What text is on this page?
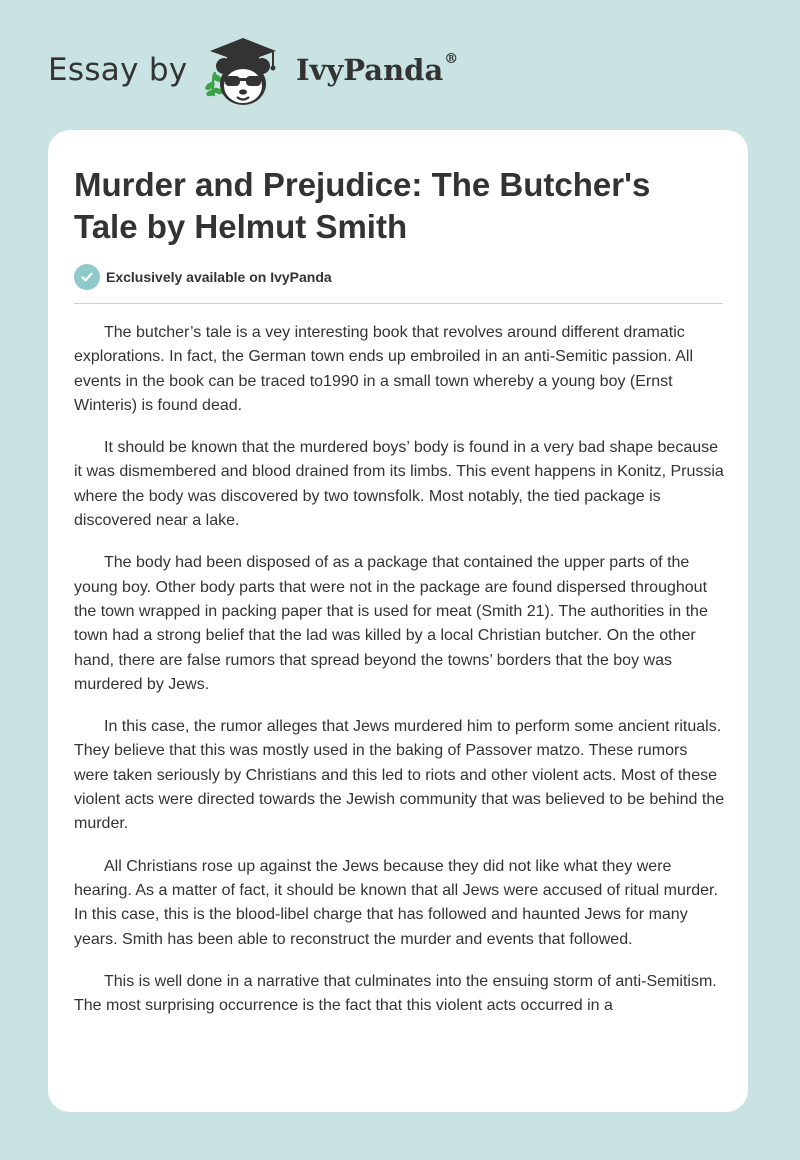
Essay by	IvyPanda®
Murder and Prejudice: The Butcher's Tale by Helmut Smith
Exclusively available on IvyPanda

The butcher’s tale is a vey interesting book that revolves around different dramatic explorations. In fact, the German town ends up embroiled in an anti-Semitic passion. All events in the book can be traced to1990 in a small town whereby a young boy (Ernst Winteris) is found dead.

It should be known that the murdered boys’ body is found in a very bad shape because it was dismembered and blood drained from its limbs. This event happens in Konitz, Prussia where the body was discovered by two townsfolk. Most notably, the tied package is discovered near a lake.

The body had been disposed of as a package that contained the upper parts of the young boy. Other body parts that were not in the package are found dispersed throughout the town wrapped in packing paper that is used for meat (Smith 21). The authorities in the town had a strong belief that the lad was killed by a local Christian butcher. On the other hand, there are false rumors that spread beyond the towns’ borders that the boy was murdered by Jews.

In this case, the rumor alleges that Jews murdered him to perform some ancient rituals. They believe that this was mostly used in the baking of Passover matzo. These rumors were taken seriously by Christians and this led to riots and other violent acts. Most of these violent acts were directed towards the Jewish community that was believed to be behind the murder.

All Christians rose up against the Jews because they did not like what they were hearing. As a matter of fact, it should be known that all Jews were accused of ritual murder. In this case, this is the blood-libel charge that has followed and haunted Jews for many years. Smith has been able to reconstruct the murder and events that followed.

This is well done in a narrative that culminates into the ensuing storm of anti-Semitism. The most surprising occurrence is the fact that this violent acts occurred in a
